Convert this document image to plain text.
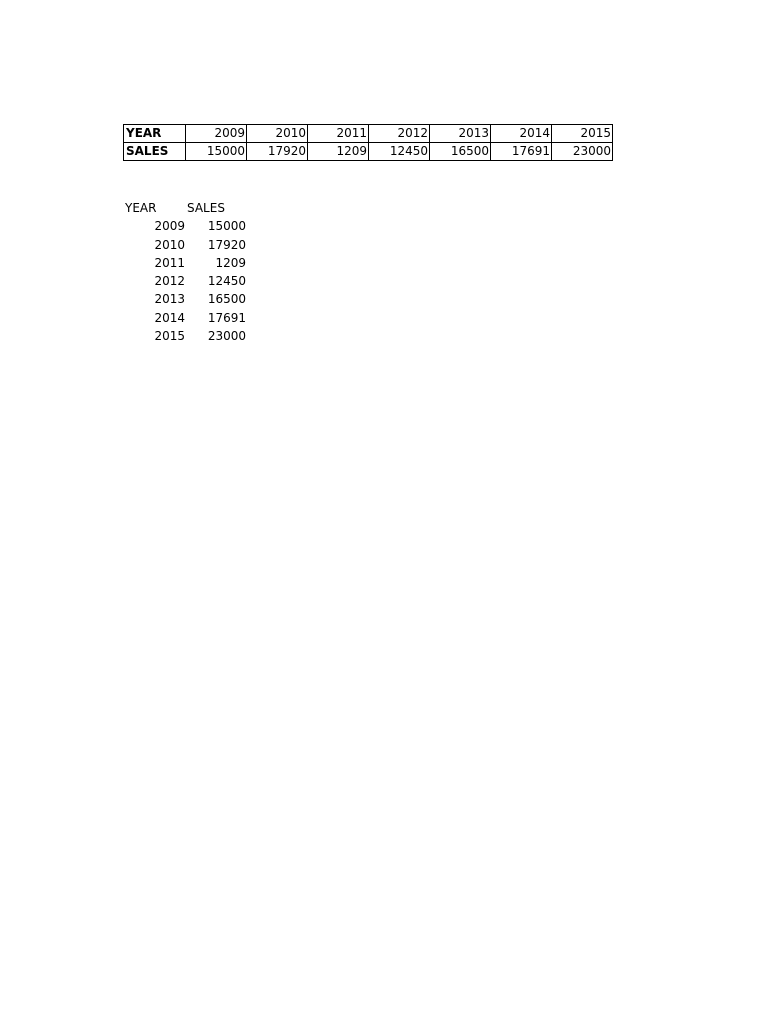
YEAR	2009	2010	2011	2012	2013	2014	2015
SALES	15000	17920	1209	12450	16500	17691	23000
YEAR	SALES
2009	15000
2010	17920
2011	1209
2012	12450
2013	16500
2014	17691
2015	23000
